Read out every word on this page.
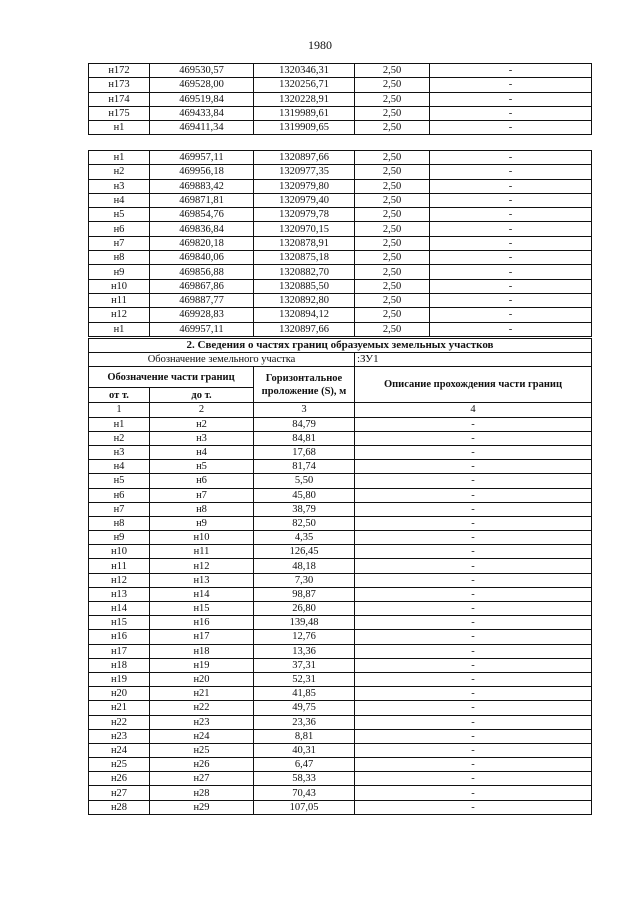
1980
н172	469530,57	1320346,31	2,50	-
н173	469528,00	1320256,71	2,50	-
н174	469519,84	1320228,91	2,50	-
н175	469433,84	1319989,61	2,50	-
н1	469411,34	1319909,65	2,50	-
н1	469957,11	1320897,66	2,50	-
н2	469956,18	1320977,35	2,50	-
н3	469883,42	1320979,80	2,50	-
н4	469871,81	1320979,40	2,50	-
н5	469854,76	1320979,78	2,50	-
н6	469836,84	1320970,15	2,50	-
н7	469820,18	1320878,91	2,50	-
н8	469840,06	1320875,18	2,50	-
н9	469856,88	1320882,70	2,50	-
н10	469867,86	1320885,50	2,50	-
н11	469887,77	1320892,80	2,50	-
н12	469928,83	1320894,12	2,50	-
н1	469957,11	1320897,66	2,50	-
2. Сведения о частях границ образуемых земельных участков			
Обозначение земельного участка			:ЗУ1
Обозначение части границ		Горизонтальное проложение (S), м	Описание прохождения части границ
от т.	до т.		
1	2	3	4
н1	н2	84,79	-
н2	н3	84,81	-
н3	н4	17,68	-
н4	н5	81,74	-
н5	н6	5,50	-
н6	н7	45,80	-
н7	н8	38,79	-
н8	н9	82,50	-
н9	н10	4,35	-
н10	н11	126,45	-
н11	н12	48,18	-
н12	н13	7,30	-
н13	н14	98,87	-
н14	н15	26,80	-
н15	н16	139,48	-
н16	н17	12,76	-
н17	н18	13,36	-
н18	н19	37,31	-
н19	н20	52,31	-
н20	н21	41,85	-
н21	н22	49,75	-
н22	н23	23,36	-
н23	н24	8,81	-
н24	н25	40,31	-
н25	н26	6,47	-
н26	н27	58,33	-
н27	н28	70,43	-
н28	н29	107,05	-
